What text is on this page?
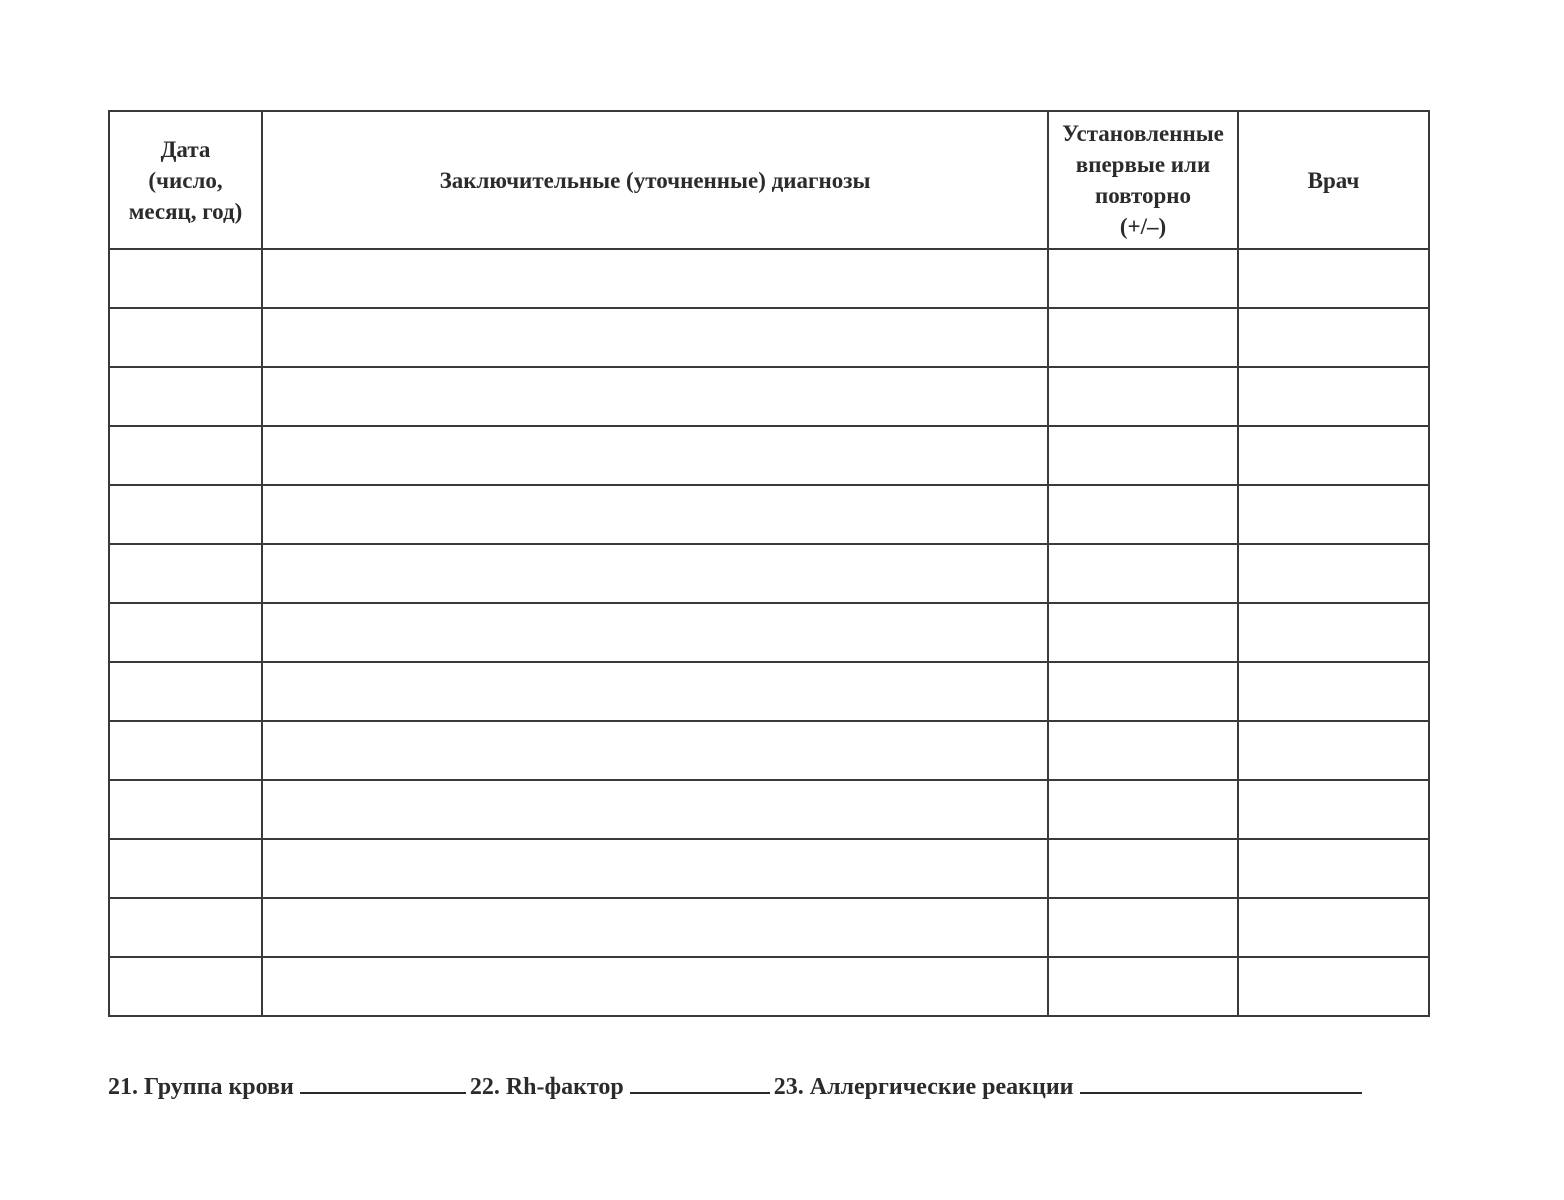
Дата
(число,
месяц, год)	Заключительные (уточненные) диагнозы	Установленные
впервые или
повторно
(+/–)	Врач

21. Группа крови	22. Rh-фактор	23. Аллергические реакции
